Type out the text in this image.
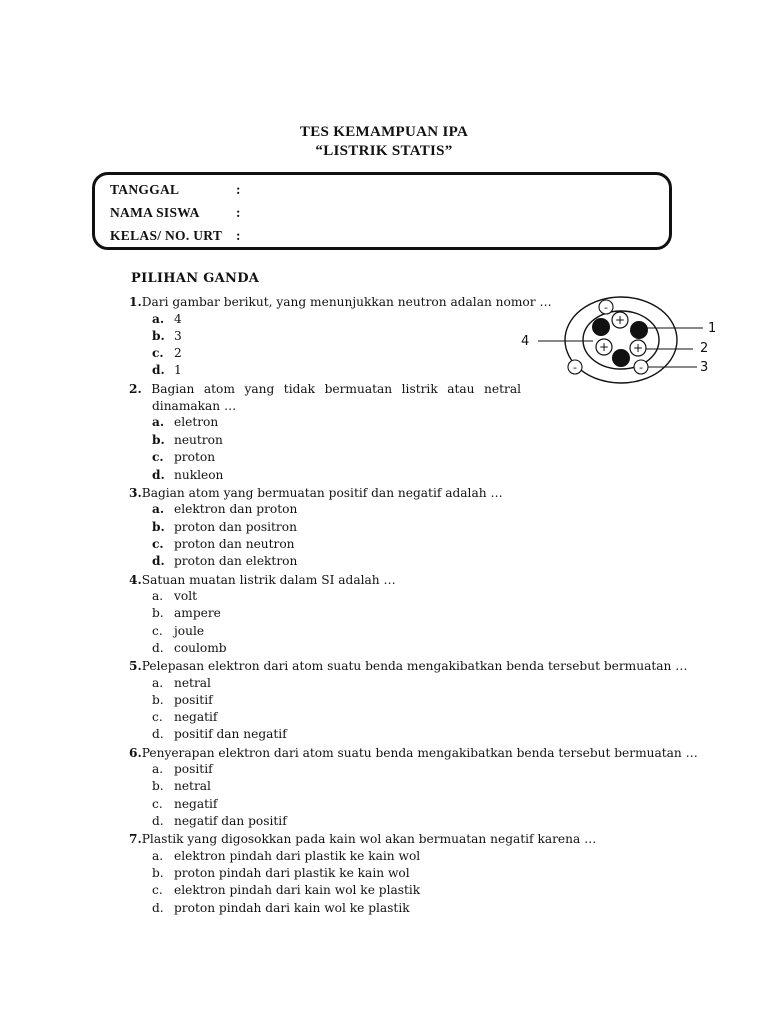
TES KEMAMPUAN IPA
“LISTRIK STATIS”
TANGGAL	:
NAMA SISWA	:
KELAS/ NO. URT :
PILIHAN GANDA
1.Dari gambar berikut, yang menunjukkan neutron adalan nomor …
a. 4
b. 3
c. 2
d. 1
2. Bagian atom yang tidak bermuatan listrik atau netral
dinamakan …
a. eletron
b. neutron
c. proton
d. nukleon
3.Bagian atom yang bermuatan positif dan negatif adalah …
a. elektron dan proton
b. proton dan positron
c. proton dan neutron
d. proton dan elektron
4.Satuan muatan listrik dalam SI adalah …
a. volt
b. ampere
c. joule
d. coulomb
5.Pelepasan elektron dari atom suatu benda mengakibatkan benda tersebut bermuatan …
a. netral
b. positif
c. negatif
d. positif dan negatif
6.Penyerapan elektron dari atom suatu benda mengakibatkan benda tersebut bermuatan …
a. positif
b. netral
c. negatif
d. negatif dan positif
7.Plastik yang digosokkan pada kain wol akan bermuatan negatif karena …
a. elektron pindah dari plastik ke kain wol
b. proton pindah dari plastik ke kain wol
c. elektron pindah dari kain wol ke plastik
d. proton pindah dari kain wol ke plastik
+
+ +
-
-	-
1
2
3
4
